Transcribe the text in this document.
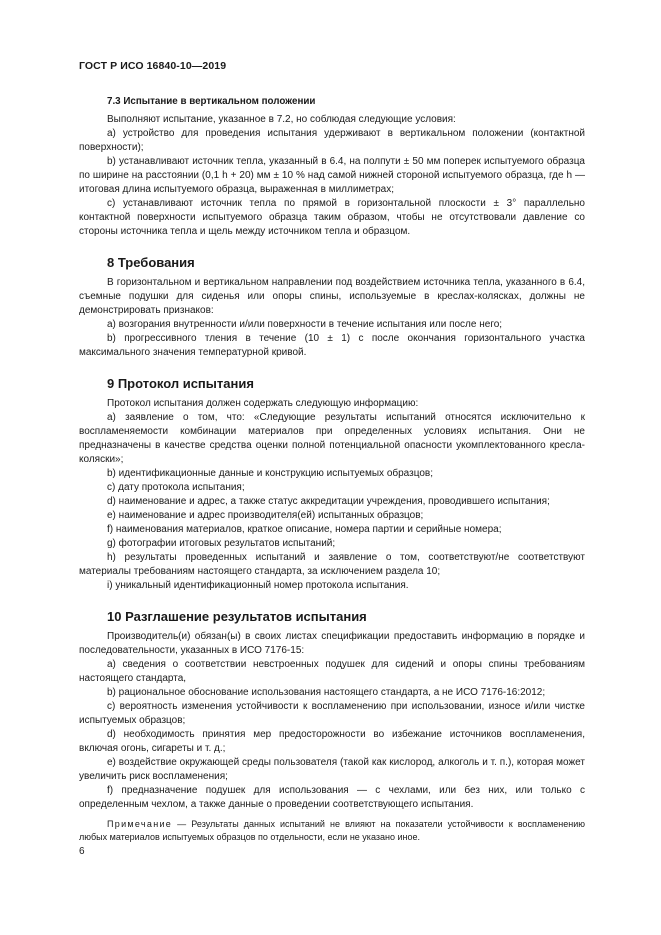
ГОСТ Р ИСО 16840-10—2019
7.3 Испытание в вертикальном положении

Выполняют испытание, указанное в 7.2, но соблюдая следующие условия:

a) устройство для проведения испытания удерживают в вертикальном положении (контактной поверхности);

b) устанавливают источник тепла, указанный в 6.4, на полпути ± 50 мм поперек испытуемого образца по ширине на расстоянии (0,1 h + 20) мм ± 10 % над самой нижней стороной испытуемого образца, где h — итоговая длина испытуемого образца, выраженная в миллиметрах;

c) устанавливают источник тепла по прямой в горизонтальной плоскости ± 3° параллельно контактной поверхности испытуемого образца таким образом, чтобы не отсутствовали давление со стороны источника тепла и щель между источником тепла и образцом.

8 Требования

В горизонтальном и вертикальном направлении под воздействием источника тепла, указанного в 6.4, съемные подушки для сиденья или опоры спины, используемые в креслах-колясках, должны не демонстрировать признаков:

a) возгорания внутренности и/или поверхности в течение испытания или после него;

b) прогрессивного тления в течение (10 ± 1) с после окончания горизонтального участка максимального значения температурной кривой.

9 Протокол испытания

Протокол испытания должен содержать следующую информацию:

a) заявление о том, что: «Следующие результаты испытаний относятся исключительно к воспламеняемости комбинации материалов при определенных условиях испытания. Они не предназначены в качестве средства оценки полной потенциальной опасности укомплектованного кресла-коляски»;

b) идентификационные данные и конструкцию испытуемых образцов;

c) дату протокола испытания;

d) наименование и адрес, а также статус аккредитации учреждения, проводившего испытания;

e) наименование и адрес производителя(ей) испытанных образцов;

f) наименования материалов, краткое описание, номера партии и серийные номера;

g) фотографии итоговых результатов испытаний;

h) результаты проведенных испытаний и заявление о том, соответствуют/не соответствуют материалы требованиям настоящего стандарта, за исключением раздела 10;

i) уникальный идентификационный номер протокола испытания.

10 Разглашение результатов испытания

Производитель(и) обязан(ы) в своих листах спецификации предоставить информацию в порядке и последовательности, указанных в ИСО 7176-15:

a) сведения о соответствии невстроенных подушек для сидений и опоры спины требованиям настоящего стандарта,

b) рациональное обоснование использования настоящего стандарта, а не ИСО 7176-16:2012;

c) вероятность изменения устойчивости к воспламенению при использовании, износе и/или чистке испытуемых образцов;

d) необходимость принятия мер предосторожности во избежание источников воспламенения, включая огонь, сигареты и т. д.;

e) воздействие окружающей среды пользователя (такой как кислород, алкоголь и т. п.), которая может увеличить риск воспламенения;

f) предназначение подушек для использования — с чехлами, или без них, или только с определенным чехлом, а также данные о проведении соответствующего испытания.

Примечание — Результаты данных испытаний не влияют на показатели устойчивости к воспламенению любых материалов испытуемых образцов по отдельности, если не указано иное.

6
